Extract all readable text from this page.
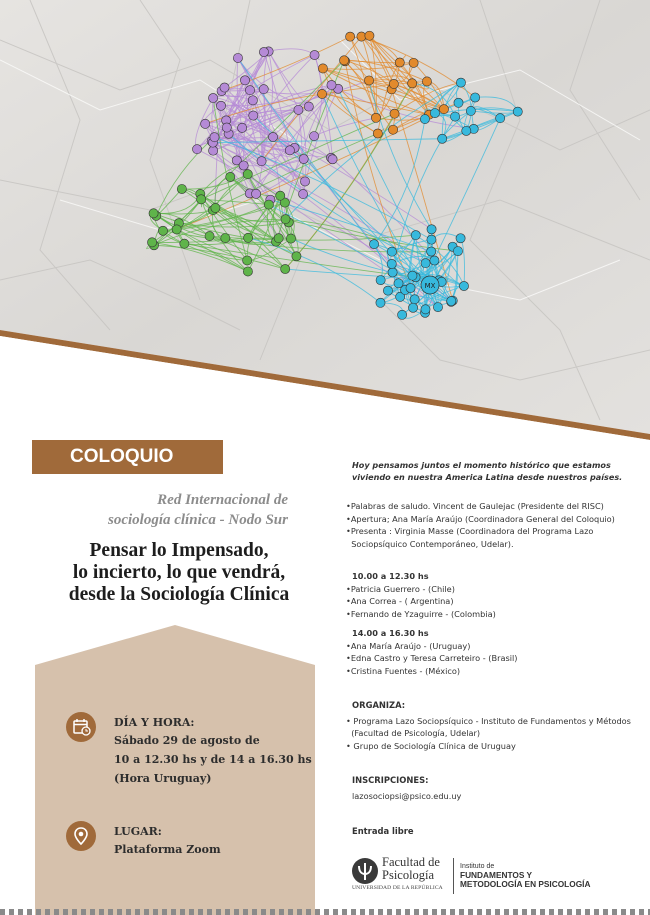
MX
COLOQUIO
Red Internacional de
sociología clínica - Nodo Sur
Pensar lo Impensado,
lo incierto, lo que vendrá,
desde la Sociología Clínica
DÍA Y HORA:
Sábado 29 de agosto de
10 a 12.30 hs y de 14 a 16.30 hs
(Hora Uruguay)
LUGAR:
Plataforma Zoom
Hoy pensamos juntos el momento histórico que estamos
viviendo en nuestra America Latina desde nuestros países.
•Palabras de saludo. Vincent de Gaulejac (Presidente del RISC)
•Apertura; Ana María Araújo (Coordinadora General del Coloquio)
•Presenta : Virginia Masse (Coordinadora del Programa Lazo
Sociopsíquico Contemporáneo, Udelar).
10.00 a 12.30 hs
•Patricia Guerrero - (Chile)
•Ana Correa - ( Argentina)
•Fernando de Yzaguirre - (Colombia)
14.00 a 16.30 hs
•Ana María Araújo - (Uruguay)
•Edna Castro y Teresa Carreteiro - (Brasil)
•Cristina Fuentes - (México)
ORGANIZA:
• Programa Lazo Sociopsíquico - Instituto de Fundamentos y Métodos
(Facultad de Psicología, Udelar)
• Grupo de Sociología Clínica de Uruguay
INSCRIPCIONES:
lazosociopsi@psico.edu.uy
Entrada libre
Facultad de
Psicología
UNIVERSIDAD DE LA REPÚBLICA
Instituto de
FUNDAMENTOS Y
METODOLOGÍA EN PSICOLOGÍA
